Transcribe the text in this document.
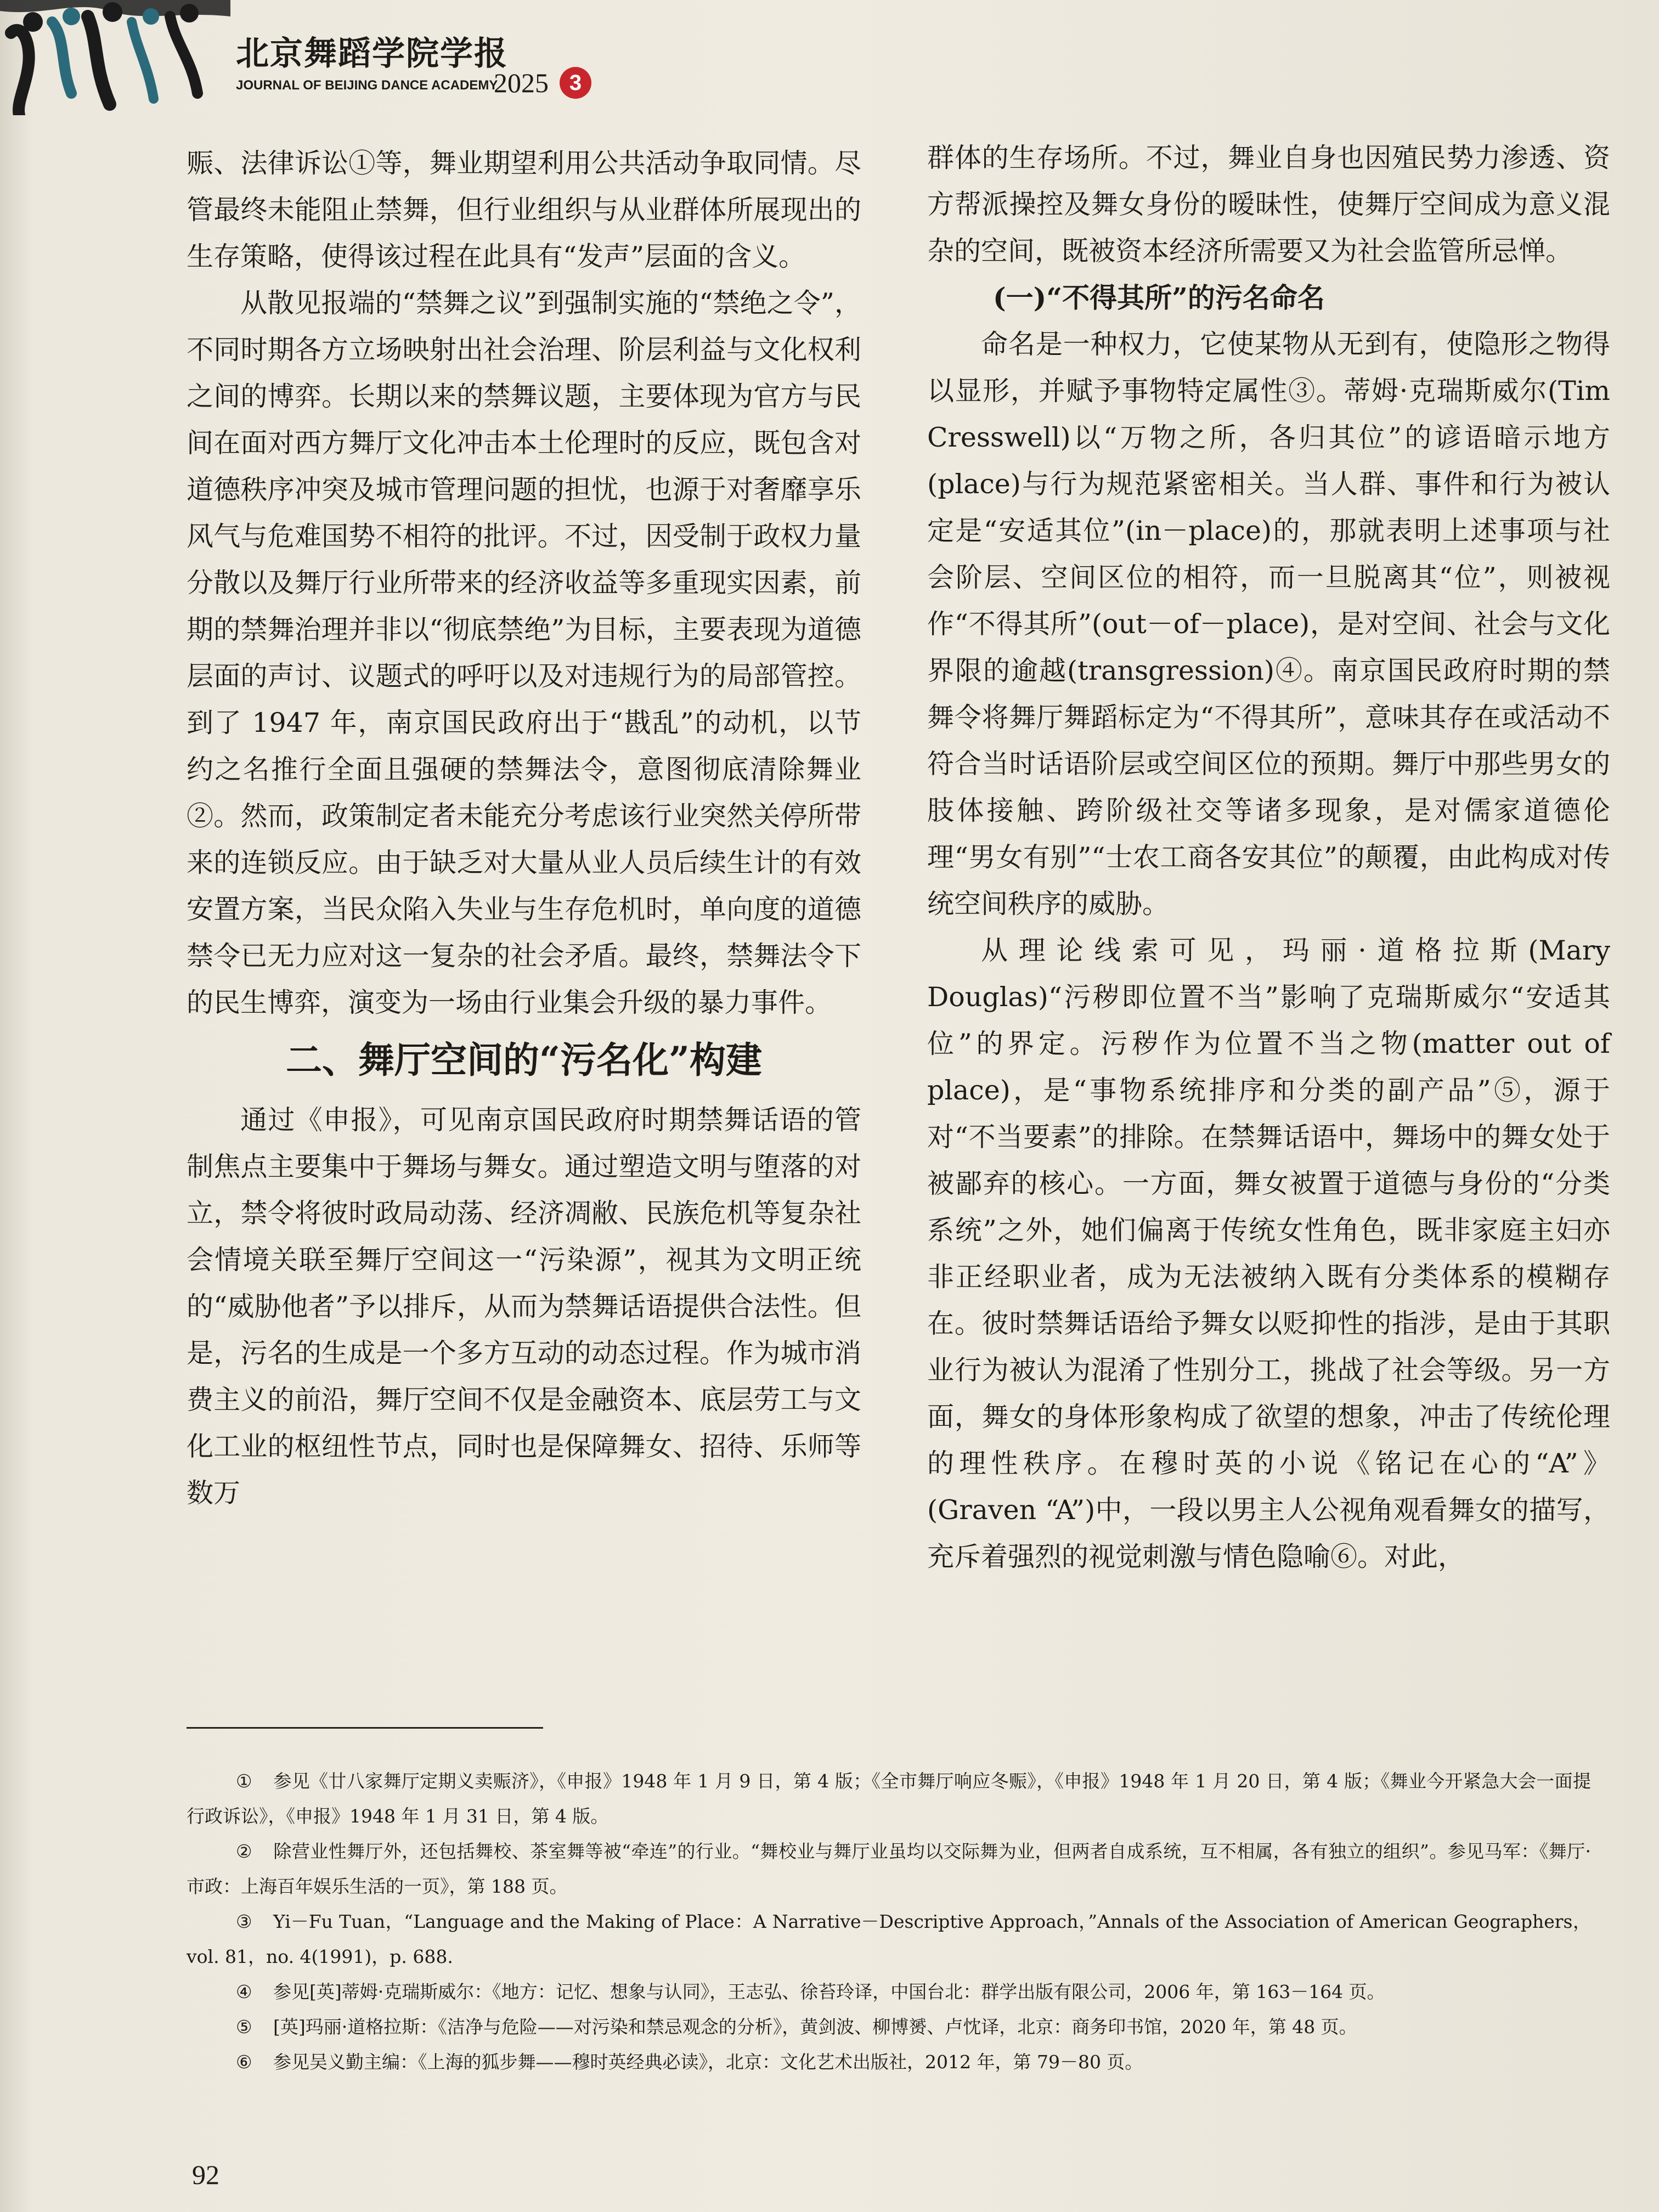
北京舞蹈学院学报
JOURNAL OF BEIJING DANCE ACADEMY
2025 3

赈、法律诉讼①等，舞业期望利用公共活动争取同情。尽管最终未能阻止禁舞，但行业组织与从业群体所展现出的生存策略，使得该过程在此具有“发声”层面的含义。

从散见报端的“禁舞之议”到强制实施的“禁绝之令”，不同时期各方立场映射出社会治理、阶层利益与文化权利之间的博弈。长期以来的禁舞议题，主要体现为官方与民间在面对西方舞厅文化冲击本土伦理时的反应，既包含对道德秩序冲突及城市管理问题的担忧，也源于对奢靡享乐风气与危难国势不相符的批评。不过，因受制于政权力量分散以及舞厅行业所带来的经济收益等多重现实因素，前期的禁舞治理并非以“彻底禁绝”为目标，主要表现为道德层面的声讨、议题式的呼吁以及对违规行为的局部管控。到了 1947 年，南京国民政府出于“戡乱”的动机，以节约之名推行全面且强硬的禁舞法令，意图彻底清除舞业②。然而，政策制定者未能充分考虑该行业突然关停所带来的连锁反应。由于缺乏对大量从业人员后续生计的有效安置方案，当民众陷入失业与生存危机时，单向度的道德禁令已无力应对这一复杂的社会矛盾。最终，禁舞法令下的民生博弈，演变为一场由行业集会升级的暴力事件。

二、舞厅空间的“污名化”构建

通过《申报》，可见南京国民政府时期禁舞话语的管制焦点主要集中于舞场与舞女。通过塑造文明与堕落的对立，禁令将彼时政局动荡、经济凋敝、民族危机等复杂社会情境关联至舞厅空间这一“污染源”，视其为文明正统的“威胁他者”予以排斥，从而为禁舞话语提供合法性。但是，污名的生成是一个多方互动的动态过程。作为城市消费主义的前沿，舞厅空间不仅是金融资本、底层劳工与文化工业的枢纽性节点，同时也是保障舞女、招待、乐师等数万

群体的生存场所。不过，舞业自身也因殖民势力渗透、资方帮派操控及舞女身份的暧昧性，使舞厅空间成为意义混杂的空间，既被资本经济所需要又为社会监管所忌惮。

(一)“不得其所”的污名命名

命名是一种权力，它使某物从无到有，使隐形之物得以显形，并赋予事物特定属性③。蒂姆·克瑞斯威尔(Tim Cresswell)以“万物之所，各归其位”的谚语暗示地方(place)与行为规范紧密相关。当人群、事件和行为被认定是“安适其位”(in－place)的，那就表明上述事项与社会阶层、空间区位的相符，而一旦脱离其“位”，则被视作“不得其所”(out－of－place)，是对空间、社会与文化界限的逾越(transgression)④。南京国民政府时期的禁舞令将舞厅舞蹈标定为“不得其所”，意味其存在或活动不符合当时话语阶层或空间区位的预期。舞厅中那些男女的肢体接触、跨阶级社交等诸多现象，是对儒家道德伦理“男女有别”“士农工商各安其位”的颠覆，由此构成对传统空间秩序的威胁。

从理论线索可见，玛丽·道格拉斯(Mary Douglas)“污秽即位置不当”影响了克瑞斯威尔“安适其位”的界定。污秽作为位置不当之物(matter out of place)，是“事物系统排序和分类的副产品”⑤，源于对“不当要素”的排除。在禁舞话语中，舞场中的舞女处于被鄙弃的核心。一方面，舞女被置于道德与身份的“分类系统”之外，她们偏离于传统女性角色，既非家庭主妇亦非正经职业者，成为无法被纳入既有分类体系的模糊存在。彼时禁舞话语给予舞女以贬抑性的指涉，是由于其职业行为被认为混淆了性别分工，挑战了社会等级。另一方面，舞女的身体形象构成了欲望的想象，冲击了传统伦理的理性秩序。在穆时英的小说《铭记在心的“A”》(Graven “A”)中，一段以男主人公视角观看舞女的描写，充斥着强烈的视觉刺激与情色隐喻⑥。对此，

① 参见《廿八家舞厅定期义卖赈济》，《申报》1948 年 1 月 9 日，第 4 版；《全市舞厅响应冬赈》，《申报》1948 年 1 月 20 日，第 4 版；《舞业今开紧急大会一面提行政诉讼》，《申报》1948 年 1 月 31 日，第 4 版。

② 除营业性舞厅外，还包括舞校、茶室舞等被“牵连”的行业。“舞校业与舞厅业虽均以交际舞为业，但两者自成系统，互不相属，各有独立的组织”。参见马军：《舞厅·市政：上海百年娱乐生活的一页》，第 188 页。

③ Yi－Fu Tuan，“Language and the Making of Place：A Narrative－Descriptive Approach，”Annals of the Association of American Geographers，vol. 81，no. 4(1991)，p. 688.

④ 参见[英]蒂姆·克瑞斯威尔：《地方：记忆、想象与认同》，王志弘、徐苔玲译，中国台北：群学出版有限公司，2006 年，第 163－164 页。

⑤ [英]玛丽·道格拉斯：《洁净与危险——对污染和禁忌观念的分析》，黄剑波、柳博赟、卢忱译，北京：商务印书馆，2020 年，第 48 页。

⑥ 参见吴义勤主编：《上海的狐步舞——穆时英经典必读》，北京：文化艺术出版社，2012 年，第 79－80 页。

92
